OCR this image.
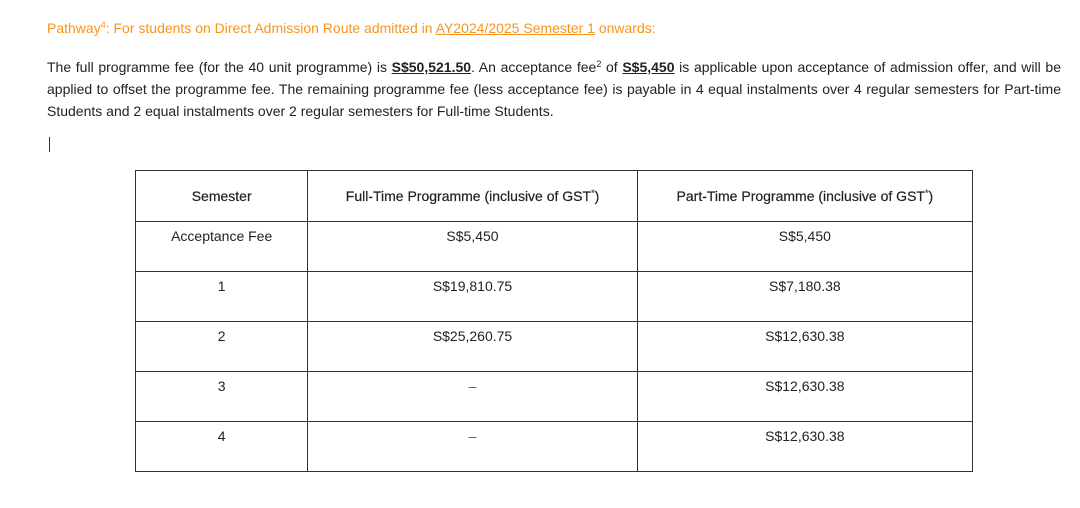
Pathway$^4$: For students on Direct Admission Route admitted in AY2024/2025 Semester 1 onwards:

The full programme fee (for the 40 unit programme) is S$50,521.50. An acceptance fee$^2$ of S$5,450 is applicable upon acceptance of admission offer, and will be applied to offset the programme fee. The remaining programme fee (less acceptance fee) is payable in 4 equal instalments over 4 regular semesters for Part-time Students and 2 equal instalments over 2 regular semesters for Full-time Students.

Semester	Full-Time Programme (inclusive of GST*)	Part-Time Programme (inclusive of GST*)
Acceptance Fee	S$5,450	S$5,450
1	S$19,810.75	S$7,180.38
2	S$25,260.75	S$12,630.38
3	–	S$12,630.38
4	–	S$12,630.38
